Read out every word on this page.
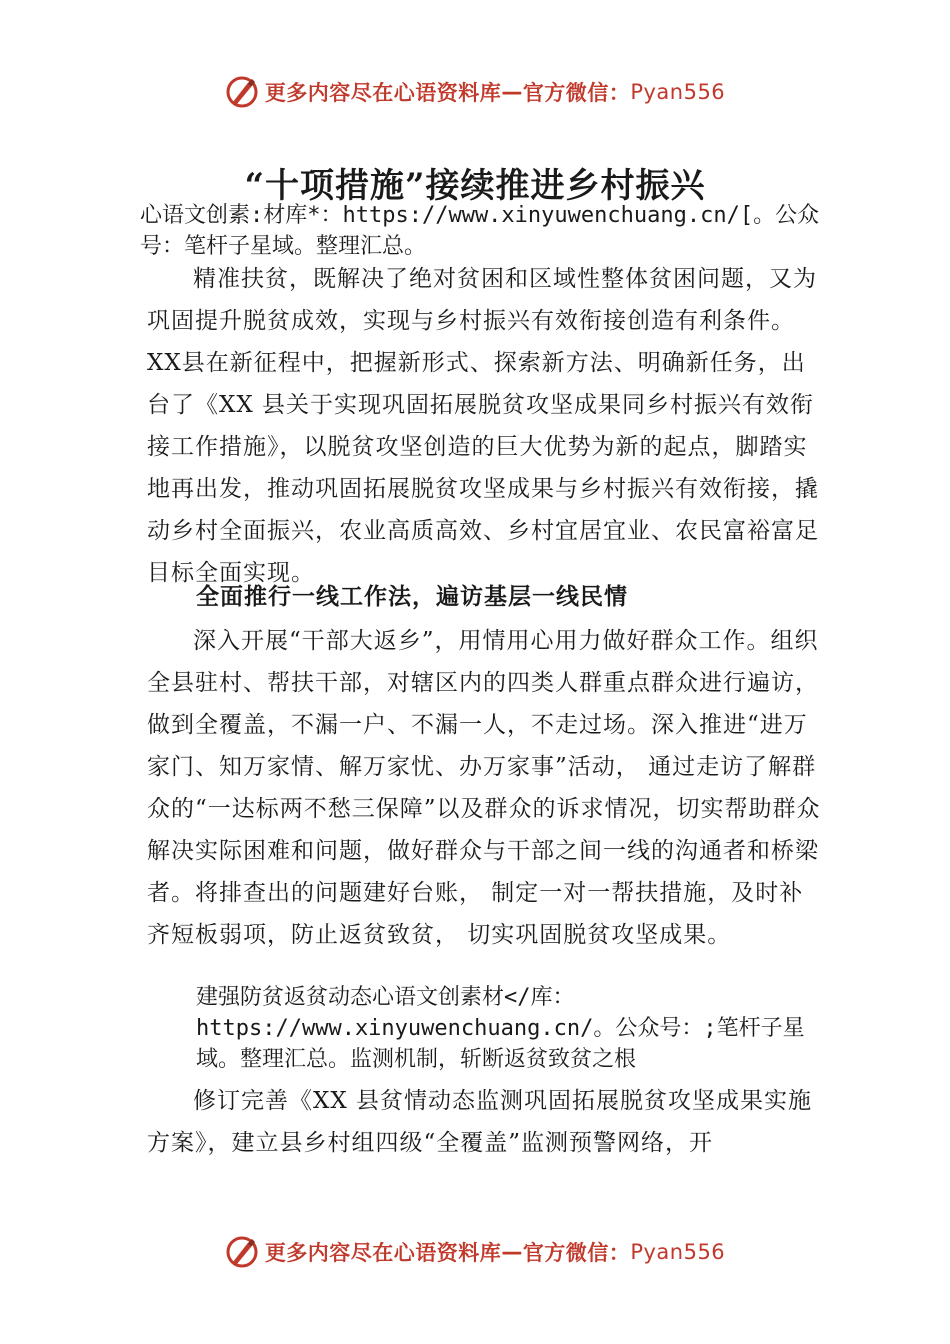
更多内容尽在心语资料库 — 官方微信： Pyan556
“十项措施”接续推进乡村振兴

心语文创素:材库*：https://www.xinyuwenchuang.cn/[。公众号：笔杆子星域。整理汇总。

精准扶贫，既解决了绝对贫困和区域性整体贫困问题，又为巩固提升脱贫成效，实现与乡村振兴有效衔接创造有利条件。XX县在新征程中，把握新形式、探索新方法、明确新任务，出台了《XX 县关于实现巩固拓展脱贫攻坚成果同乡村振兴有效衔接工作措施》，以脱贫攻坚创造的巨大优势为新的起点，脚踏实地再出发，推动巩固拓展脱贫攻坚成果与乡村振兴有效衔接，撬动乡村全面振兴，农业高质高效、乡村宜居宜业、农民富裕富足目标全面实现。

全面推行一线工作法，遍访基层一线民情

深入开展“干部大返乡”，用情用心用力做好群众工作。组织全县驻村、帮扶干部，对辖区内的四类人群重点群众进行遍访，做到全覆盖，不漏一户、不漏一人，不走过场。深入推进“进万家门、知万家情、解万家忧、办万家事”活动， 通过走访了解群众的“一达标两不愁三保障”以及群众的诉求情况，切实帮助群众解决实际困难和问题，做好群众与干部之间一线的沟通者和桥梁者。将排查出的问题建好台账， 制定一对一帮扶措施，及时补齐短板弱项，防止返贫致贫， 切实巩固脱贫攻坚成果。

建强防贫返贫动态心语文创素材</库：https://www.xinyuwenchuang.cn/。公众号：;笔杆子星域。整理汇总。监测机制，斩断返贫致贫之根

修订完善《XX 县贫情动态监测巩固拓展脱贫攻坚成果实施方案》，建立县乡村组四级“全覆盖”监测预警网络，开

更多内容尽在心语资料库 — 官方微信： Pyan556
